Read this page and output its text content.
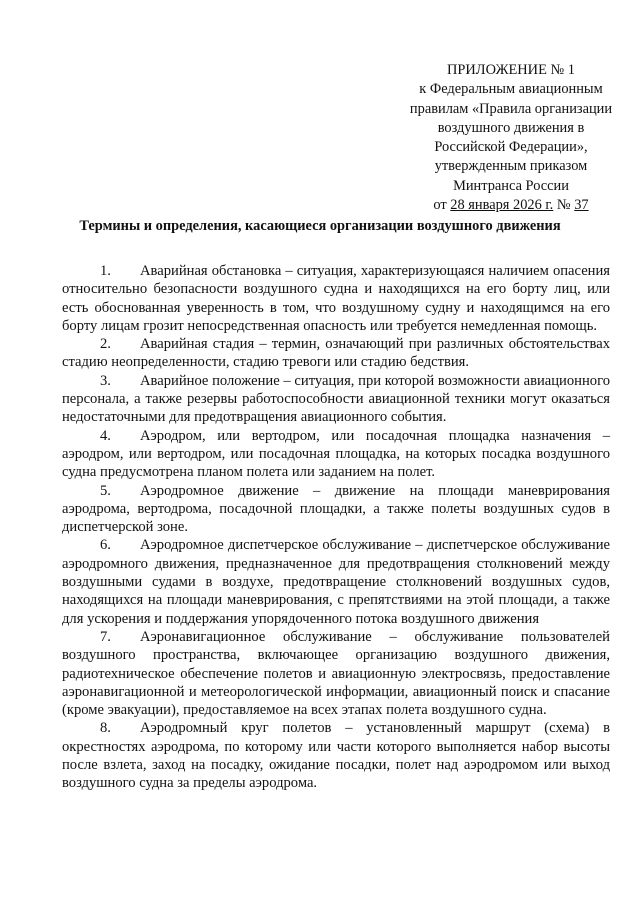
ПРИЛОЖЕНИЕ № 1
к Федеральным авиационным
правилам «Правила организации
воздушного движения в
Российской Федерации»,
утвержденным приказом
Минтранса России
от 28 января 2026 г. № 37
Термины и определения, касающиеся организации воздушного движения

1. Аварийная обстановка – ситуация, характеризующаяся наличием опасения относительно безопасности воздушного судна и находящихся на его борту лиц, или есть обоснованная уверенность в том, что воздушному судну и находящимся на его борту лицам грозит непосредственная опасность или требуется немедленная помощь.

2. Аварийная стадия – термин, означающий при различных обстоятельствах стадию неопределенности, стадию тревоги или стадию бедствия.

3. Аварийное положение – ситуация, при которой возможности авиационного персонала, а также резервы работоспособности авиационной техники могут оказаться недостаточными для предотвращения авиационного события.

4. Аэродром, или вертодром, или посадочная площадка назначения – аэродром, или вертодром, или посадочная площадка, на которых посадка воздушного судна предусмотрена планом полета или заданием на полет.

5. Аэродромное движение – движение на площади маневрирования аэродрома, вертодрома, посадочной площадки, а также полеты воздушных судов в диспетчерской зоне.

6. Аэродромное диспетчерское обслуживание – диспетчерское обслуживание аэродромного движения, предназначенное для предотвращения столкновений между воздушными судами в воздухе, предотвращение столкновений воздушных судов, находящихся на площади маневрирования, с препятствиями на этой площади, а также для ускорения и поддержания упорядоченного потока воздушного движения

7. Аэронавигационное обслуживание – обслуживание пользователей воздушного пространства, включающее организацию воздушного движения, радиотехническое обеспечение полетов и авиационную электросвязь, предоставление аэронавигационной и метеорологической информации, авиационный поиск и спасание (кроме эвакуации), предоставляемое на всех этапах полета воздушного судна.

8. Аэродромный круг полетов – установленный маршрут (схема) в окрестностях аэродрома, по которому или части которого выполняется набор высоты после взлета, заход на посадку, ожидание посадки, полет над аэродромом или выход воздушного судна за пределы аэродрома.
